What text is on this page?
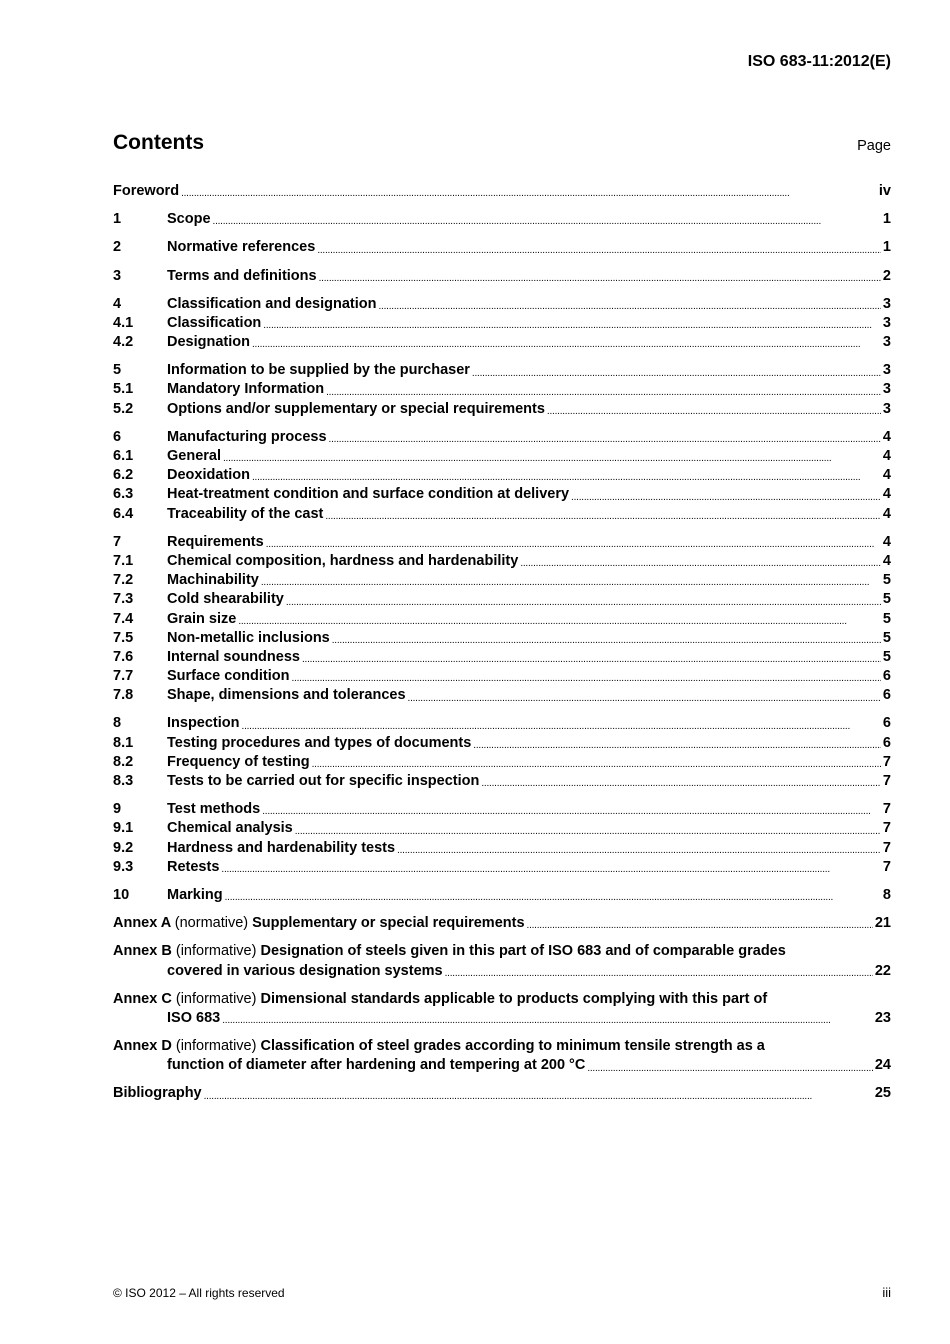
ISO 683-11:2012(E)
Contents	Page
Foreword . . .	iv
1	Scope . . .	1
2	Normative references . . .	1
3	Terms and definitions . . .	2
4	Classification and designation . . .	3
4.1	Classification . . .	3
4.2	Designation . . .	3
5	Information to be supplied by the purchaser . . .	3
5.1	Mandatory Information . . .	3
5.2	Options and/or supplementary or special requirements . . .	3
6	Manufacturing process . . .	4
6.1	General . . .	4
6.2	Deoxidation . . .	4
6.3	Heat-treatment condition and surface condition at delivery . . .	4
6.4	Traceability of the cast . . .	4
7	Requirements . . .	4
7.1	Chemical composition, hardness and hardenability . . .	4
7.2	Machinability . . .	5
7.3	Cold shearability . . .	5
7.4	Grain size . . .	5
7.5	Non-metallic inclusions . . .	5
7.6	Internal soundness . . .	5
7.7	Surface condition . . .	6
7.8	Shape, dimensions and tolerances . . .	6
8	Inspection . . .	6
8.1	Testing procedures and types of documents . . .	6
8.2	Frequency of testing . . .	7
8.3	Tests to be carried out for specific inspection . . .	7
9	Test methods . . .	7
9.1	Chemical analysis . . .	7
9.2	Hardness and hardenability tests . . .	7
9.3	Retests . . .	7
10	Marking . . .	8
Annex A (normative) Supplementary or special requirements . . .	21
Annex B (informative) Designation of steels given in this part of ISO 683 and of comparable grades
covered in various designation systems . . .	22
Annex C (informative) Dimensional standards applicable to products complying with this part of
ISO 683 . . .	23
Annex D (informative) Classification of steel grades according to minimum tensile strength as a
function of diameter after hardening and tempering at 200 °C . . .	24
Bibliography . . .	25
© ISO 2012 – All rights reserved	iii
